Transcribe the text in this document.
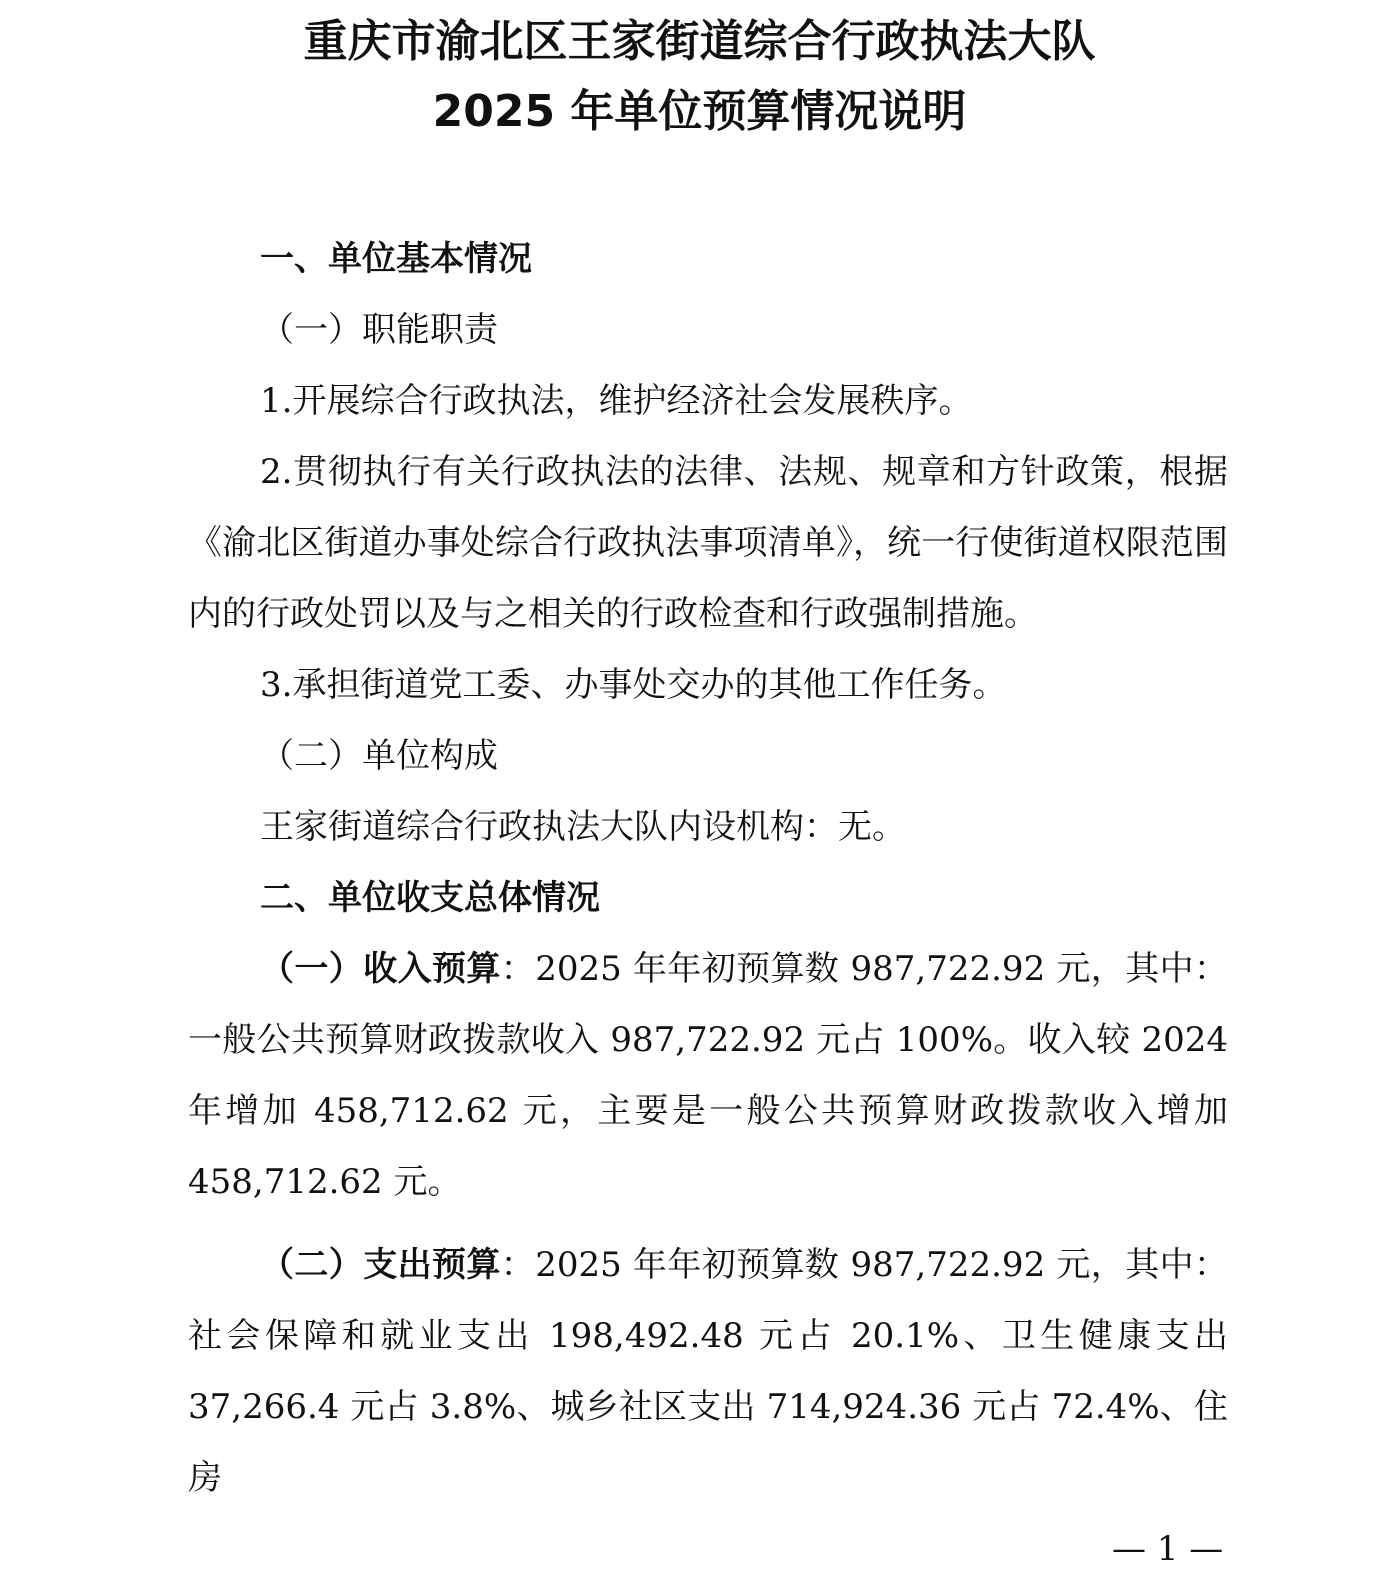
重庆市渝北区王家街道综合行政执法大队
2025 年单位预算情况说明

一、单位基本情况

（一）职能职责

1.开展综合行政执法，维护经济社会发展秩序。

2.贯彻执行有关行政执法的法律、法规、规章和方针政策，根据《渝北区街道办事处综合行政执法事项清单》，统一行使街道权限范围内的行政处罚以及与之相关的行政检查和行政强制措施。

3.承担街道党工委、办事处交办的其他工作任务。

（二）单位构成

王家街道综合行政执法大队内设机构：无。

二、单位收支总体情况

（一）收入预算：2025 年年初预算数 987,722.92 元，其中：一般公共预算财政拨款收入 987,722.92 元占 100%。收入较 2024 年增加 458,712.62 元，主要是一般公共预算财政拨款收入增加 458,712.62 元。

（二）支出预算：2025 年年初预算数 987,722.92 元，其中：社会保障和就业支出 198,492.48 元占 20.1%、卫生健康支出 37,266.4 元占 3.8%、城乡社区支出 714,924.36 元占 72.4%、住房

— 1 —
